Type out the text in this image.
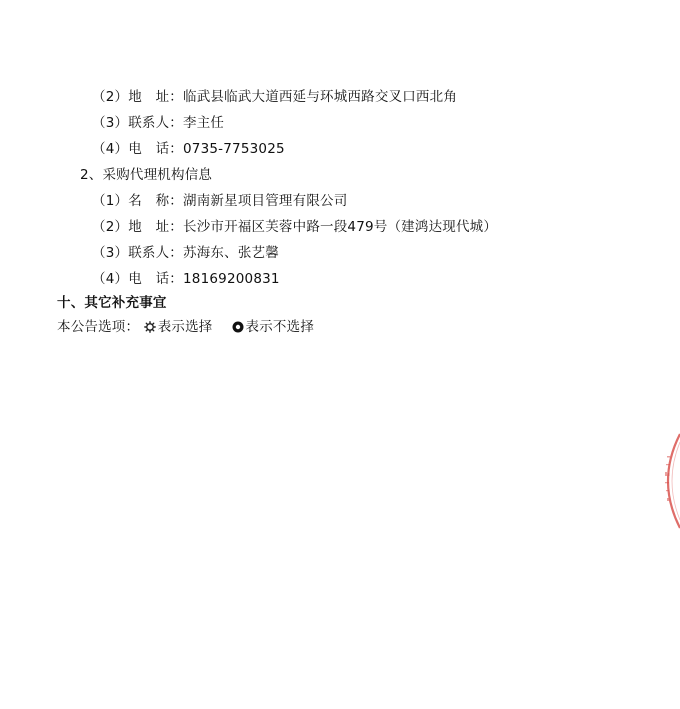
（2）地　址：临武县临武大道西延与环城西路交叉口西北角
（3）联系人：李主任
（4）电　话：0735-7753025
2、采购代理机构信息
（1）名　称：湖南新星项目管理有限公司
（2）地　址：长沙市开福区芙蓉中路一段479号（建鸿达现代城）
（3）联系人：苏海东、张艺馨
（4）电　话：18169200831
十、其它补充事宜
本公告选项： 表示选择 表示不选择
